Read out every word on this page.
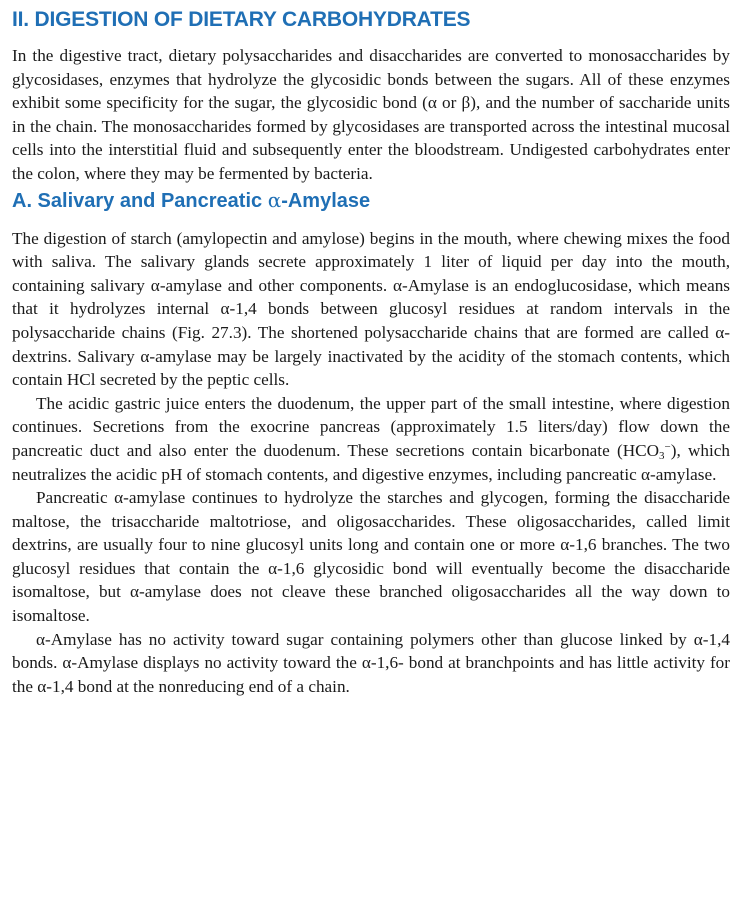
II. DIGESTION OF DIETARY CARBOHYDRATES

In the digestive tract, dietary polysaccharides and disaccharides are converted to monosaccharides by glycosidases, enzymes that hydrolyze the glycosidic bonds between the sugars. All of these enzymes exhibit some specificity for the sugar, the glycosidic bond (α or β), and the number of saccharide units in the chain. The monosaccharides formed by glycosidases are transported across the intestinal mucosal cells into the interstitial fluid and subsequently enter the bloodstream. Undigested carbohydrates enter the colon, where they may be fermented by bacteria.

A. Salivary and Pancreatic α-Amylase

The digestion of starch (amylopectin and amylose) begins in the mouth, where chewing mixes the food with saliva. The salivary glands secrete approximately 1 liter of liquid per day into the mouth, containing salivary α-amylase and other components. α-Amylase is an endoglucosidase, which means that it hydrolyzes internal α-1,4 bonds between glucosyl residues at random intervals in the polysaccharide chains (Fig. 27.3). The shortened polysaccharide chains that are formed are called α-dextrins. Salivary α-amylase may be largely inactivated by the acidity of the stomach contents, which contain HCl secreted by the peptic cells.

The acidic gastric juice enters the duodenum, the upper part of the small intestine, where digestion continues. Secretions from the exocrine pancreas (approximately 1.5 liters/day) flow down the pancreatic duct and also enter the duodenum. These secretions contain bicarbonate $(HCO_3^-)$, which neutralizes the acidic pH of stomach contents, and digestive enzymes, including pancreatic α-amylase.

Pancreatic α-amylase continues to hydrolyze the starches and glycogen, forming the disaccharide maltose, the trisaccharide maltotriose, and oligosaccharides. These oligosaccharides, called limit dextrins, are usually four to nine glucosyl units long and contain one or more α-1,6 branches. The two glucosyl residues that contain the α-1,6 glycosidic bond will eventually become the disaccharide isomaltose, but α-amylase does not cleave these branched oligosaccharides all the way down to isomaltose.

α-Amylase has no activity toward sugar containing polymers other than glucose linked by α-1,4 bonds. α-Amylase displays no activity toward the α-1,6- bond at branchpoints and has little activity for the α-1,4 bond at the nonreducing end of a chain.
